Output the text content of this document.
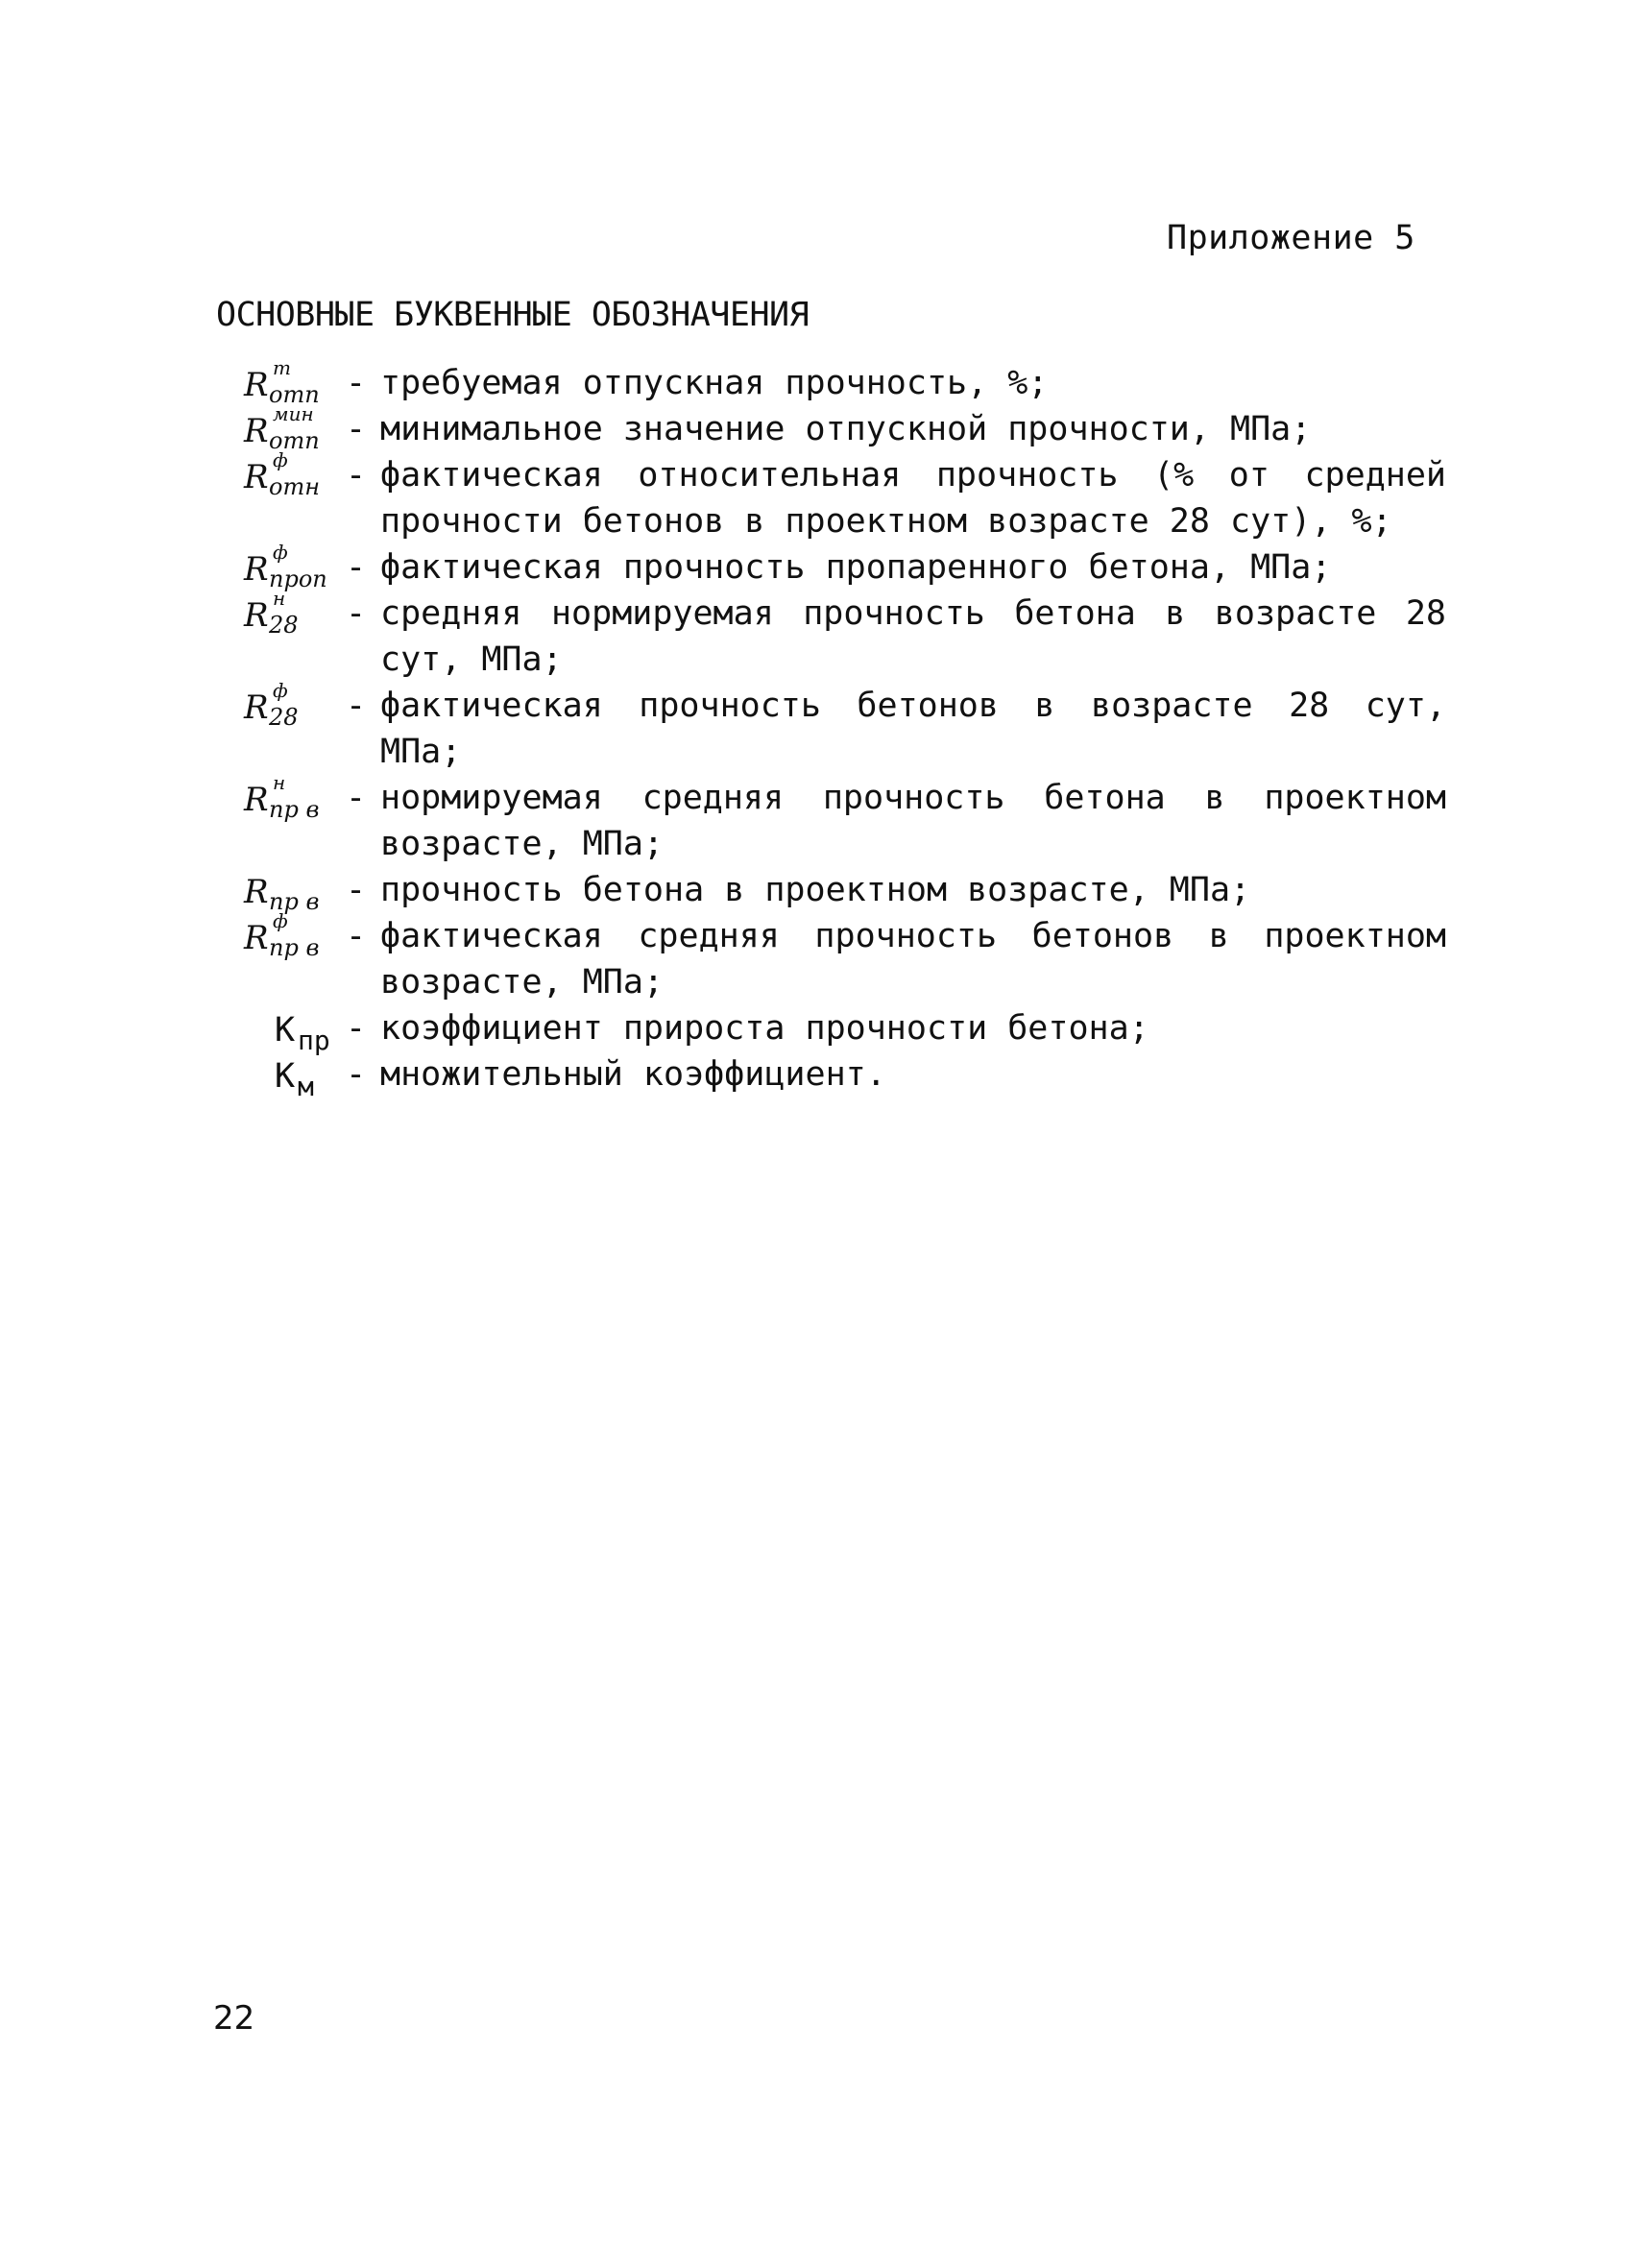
Приложение 5
ОСНОВНЫЕ БУКВЕННЫЕ ОБОЗНАЧЕНИЯ
R т
отп - требуемая отпускная прочность, %;
R мин
отп - минимальное значение отпускной прочности, МПа;
R ф
отн - фактическая относительная прочность (% от средней прочности бетонов в проектном возрасте 28 сут), %;
R ф
проп - фактическая прочность пропаренного бетона, МПа;
R н
28 - средняя нормируемая прочность бетона в возрасте 28 сут, МПа;
R ф
28 - фактическая прочность бетонов в возрасте 28 сут, МПа;
R н
пр в - нормируемая средняя прочность бетона в проектном возрасте, МПа;
R пр в - прочность бетона в проектном возрасте, МПа;
R ф
пр в - фактическая средняя прочность бетонов в проектном возрасте, МПа;
К пр - коэффициент прироста прочности бетона;
К м - множительный коэффициент.
22
